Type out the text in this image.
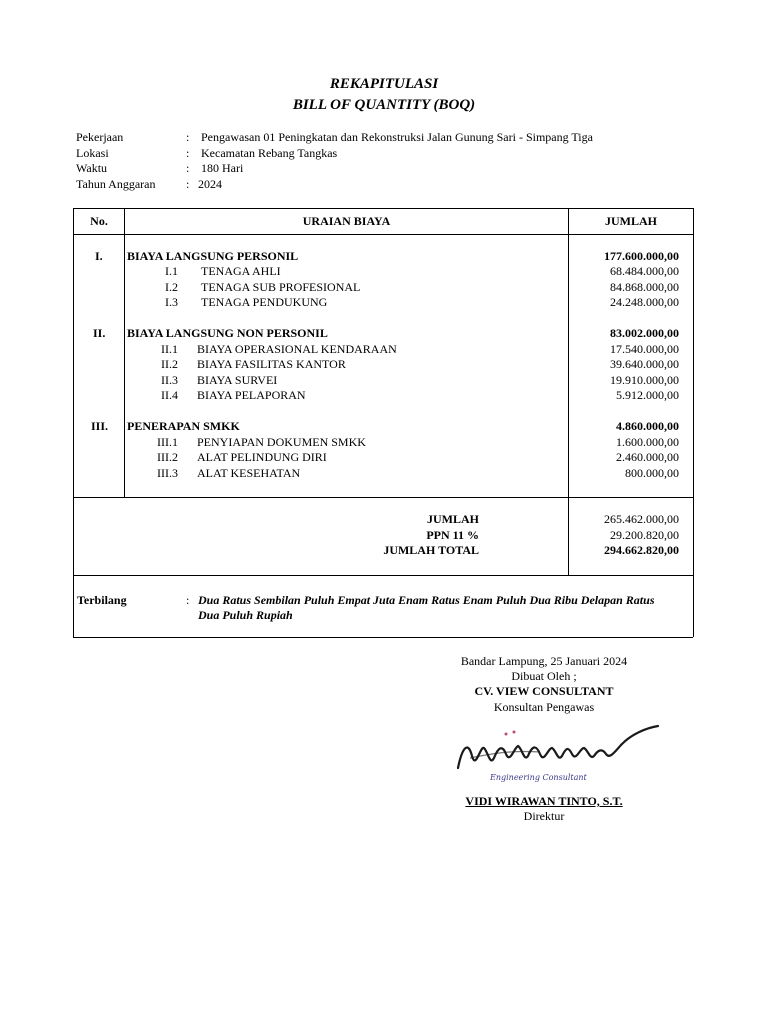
REKAPITULASI
BILL OF QUANTITY (BOQ)
Pekerjaan	: Pengawasan 01 Peningkatan dan Rekonstruksi Jalan Gunung Sari - Simpang Tiga
Lokasi	: Kecamatan Rebang Tangkas
Waktu	: 180 Hari
Tahun Anggaran	: 2024
No.	URAIAN BIAYA	JUMLAH
I. BIAYA LANGSUNG PERSONIL	177.600.000,00
I.1 TENAGA AHLI	68.484.000,00
I.2 TENAGA SUB PROFESIONAL	84.868.000,00
I.3 TENAGA PENDUKUNG	24.248.000,00
II. BIAYA LANGSUNG NON PERSONIL	83.002.000,00
II.1 BIAYA OPERASIONAL KENDARAAN	17.540.000,00
II.2 BIAYA FASILITAS KANTOR	39.640.000,00
II.3 BIAYA SURVEI	19.910.000,00
II.4 BIAYA PELAPORAN	5.912.000,00
III. PENERAPAN SMKK	4.860.000,00
III.1 PENYIAPAN DOKUMEN SMKK	1.600.000,00
III.2 ALAT PELINDUNG DIRI	2.460.000,00
III.3 ALAT KESEHATAN	800.000,00
JUMLAH	265.462.000,00
PPN 11 %	29.200.820,00
JUMLAH TOTAL	294.662.820,00
Terbilang	: Dua Ratus Sembilan Puluh Empat Juta Enam Ratus Enam Puluh Dua Ribu Delapan Ratus
Dua Puluh Rupiah
Bandar Lampung, 25 Januari 2024
Dibuat Oleh ;
CV. VIEW CONSULTANT
Konsultan Pengawas
Engineering Consultant
VIDI WIRAWAN TINTO, S.T.
Direktur
